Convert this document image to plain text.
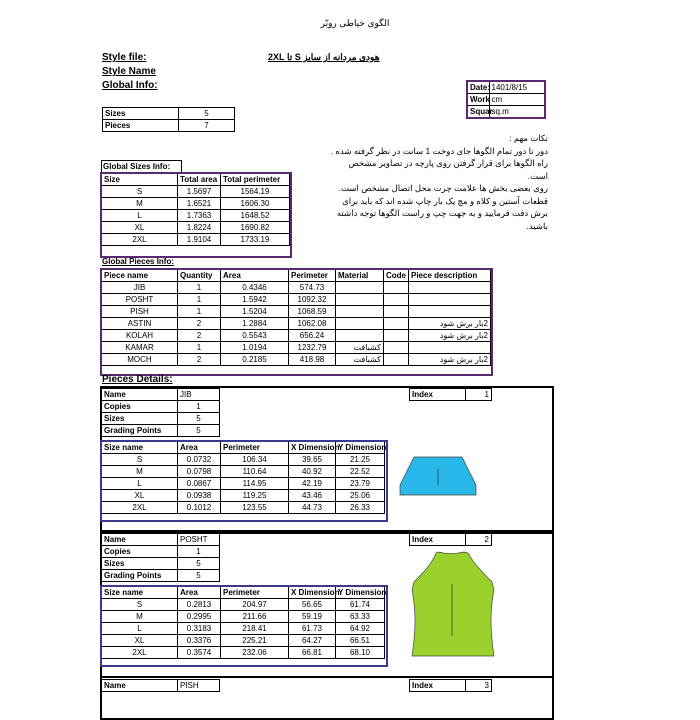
الگوی خیاطی رویّر
Style file:
Style Name
Global Info:
هودی مردانه از سایز S تا 2XL
Date:	1401/8/15
Work	cm
Squar	sq.m
Sizes	5
Pieces	7
نکات مهم :
دور تا دور تمام الگوها جای دوخت 1 سانت در نظر گرفته شده .
راه الگوها برای قرار گرفتن روی پارچه در تصاویر مشخص است.
روی بعضی بخش ها علامت چرت محل اتصال مشخص است.
قطعات آستین و کلاه و مچ یک بار چاپ شده اند که باید برای
برش دقت فرمایید و به جهت چپ و راست الگوها توجه داشته
باشید.
Global Sizes Info:
Size	Total area	Total perimeter
S	1.5697	1564.19
M	1.6521	1606.30
L	1.7363	1648.52
XL	1.8224	1690.82
2XL	1.9104	1733.19
Global Pieces Info:
Piece name	Quantity	Area	Perimeter	Material	Code	Piece description
JIB	1	0.4346	574.73			
POSHT	1	1.5942	1092.32			
PISH	1	1.5204	1068.59			
ASTIN	2	1.2884	1062.08			2بار برش شود
KOLAH	2	0.5543	656.24			2بار برش شود
KAMAR	1	1.0194	1232.79	کشبافت		
MOCH	2	0.2185	418.98	کشبافت		2بار برش شود
Pieces Details:
Name	JIB
Copies	1
Sizes	5
Grading Points	5
Index	1
Size name	Area	Perimeter	X Dimension	Y Dimension
S	0.0732	106.34	39.65	21.25
M	0.0798	110.64	40.92	22.52
L	0.0867	114.95	42.19	23.79
XL	0.0938	119.25	43.46	25.06
2XL	0.1012	123.55	44.73	26.33
Name	POSHT
Copies	1
Sizes	5
Grading Points	5
Index	2
Size name	Area	Perimeter	X Dimension	Y Dimension
S	0.2813	204.97	56.65	61.74
M	0.2995	211.66	59.19	63.33
L	0.3183	218.41	61.73	64.92
XL	0.3376	225.21	64.27	66.51
2XL	0.3574	232.06	66.81	68.10
Name	PISH	Index	3
